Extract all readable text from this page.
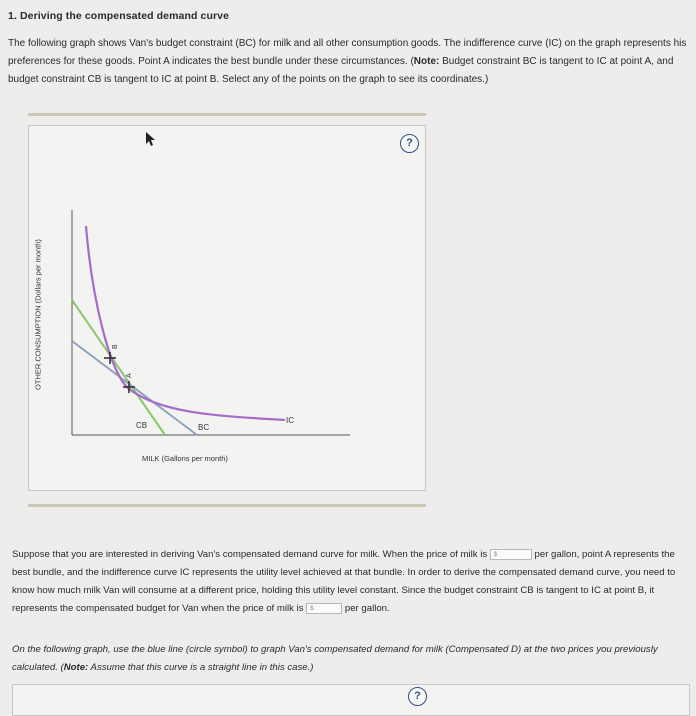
1. Deriving the compensated demand curve
The following graph shows Van's budget constraint (BC) for milk and all other consumption goods. The indifference curve (IC) on the graph represents his preferences for these goods. Point A indicates the best bundle under these circumstances. (Note: Budget constraint BC is tangent to IC at point A, and budget constraint CB is tangent to IC at point B. Select any of the points on the graph to see its coordinates.)
?
OTHER CONSUMPTION (Dollars per month)
MILK (Gallons per month)
B
A
IC
BC
CB
Suppose that you are interested in deriving Van's compensated demand curve for milk. When the price of milk is $	per gallon, point A represents the best bundle, and the indifference curve IC represents the utility level achieved at that bundle. In order to derive the compensated demand curve, you need to know how much milk Van will consume at a different price, holding this utility level constant. Since the budget constraint CB is tangent to IC at point B, it represents the compensated budget for Van when the price of milk is $	per gallon.
On the following graph, use the blue line (circle symbol) to graph Van's compensated demand for milk (Compensated D) at the two prices you previously calculated. (Note: Assume that this curve is a straight line in this case.)
?
